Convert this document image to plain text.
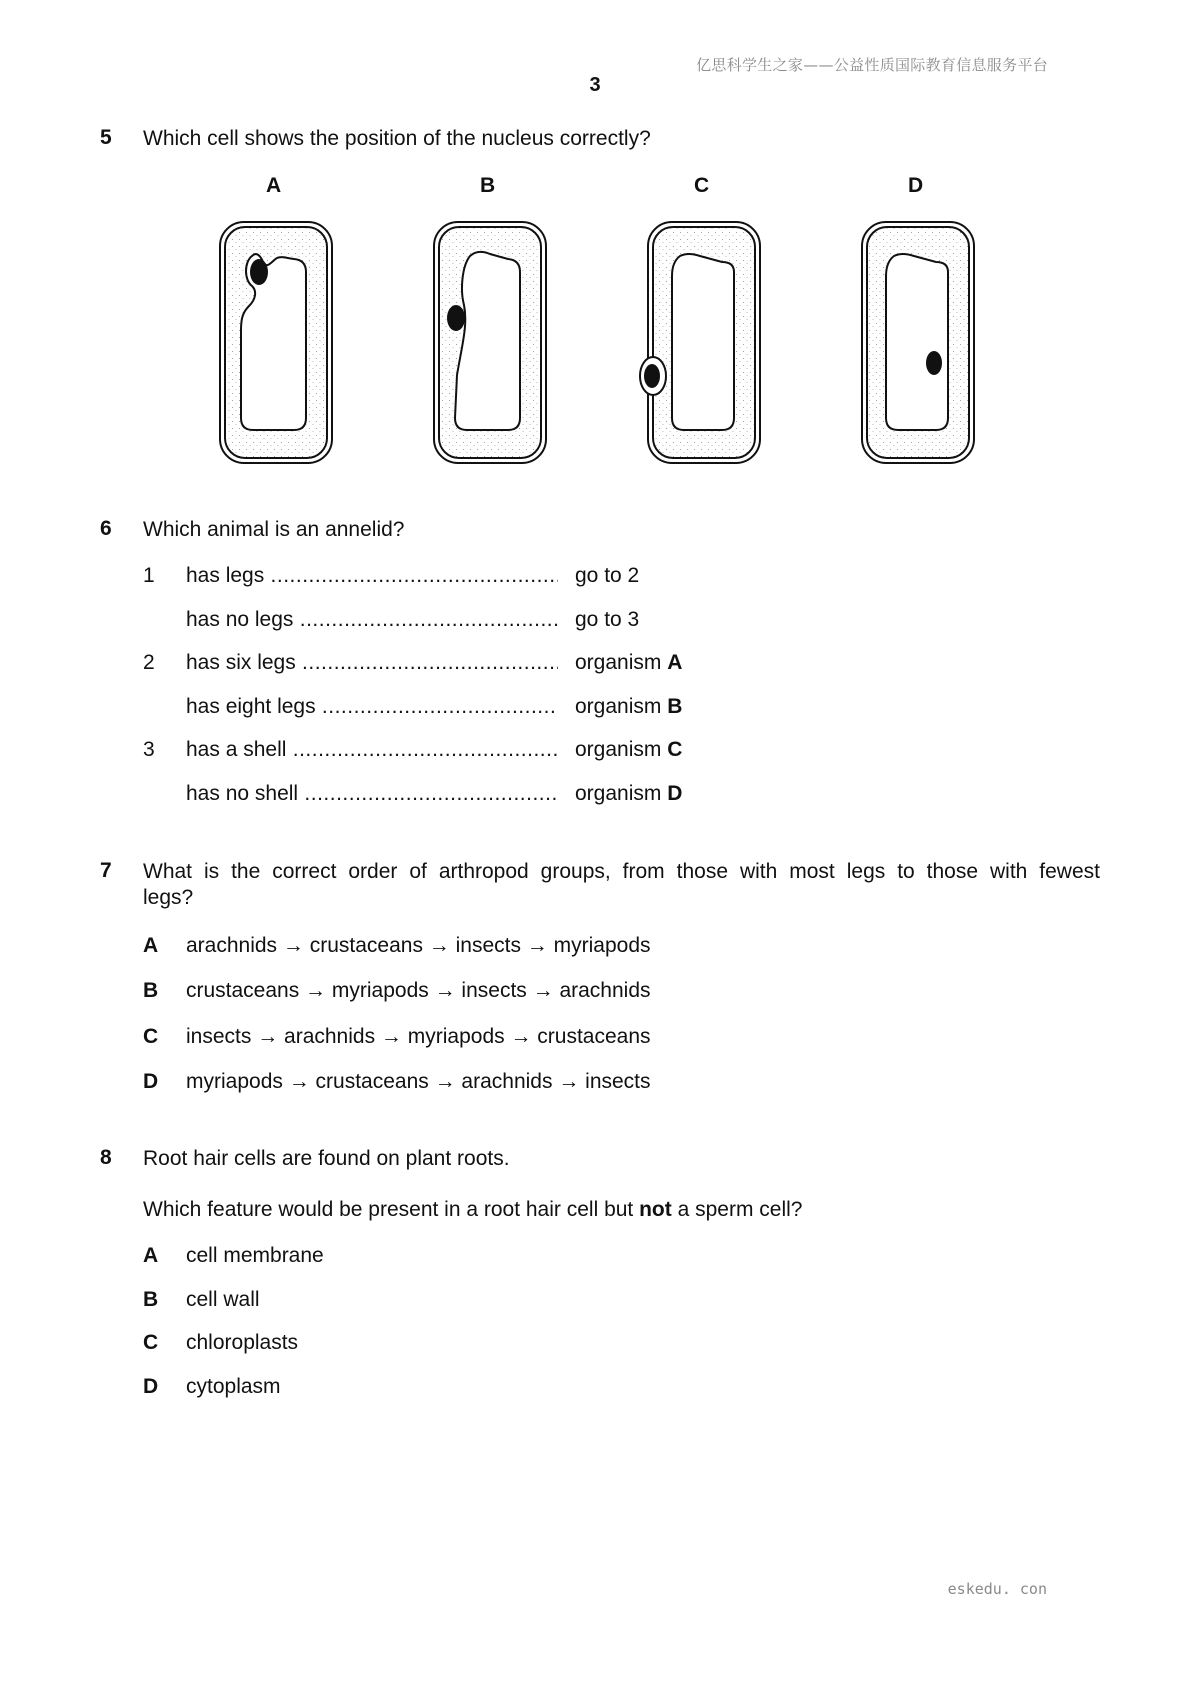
亿思科学生之家——公益性质国际教育信息服务平台
3
5 Which cell shows the position of the nucleus correctly?
A	B	C	D
6 Which animal is an annelid?
1 has legs .....	go to 2
has no legs .....	go to 3
2 has six legs .....	organism A
has eight legs .....	organism B
3 has a shell .....	organism C
has no shell .....	organism D
7 What is the correct order of arthropod groups, from those with most legs to those with fewest
legs?
A arachnids → crustaceans → insects → myriapods
B crustaceans → myriapods → insects → arachnids
C insects → arachnids → myriapods → crustaceans
D myriapods → crustaceans → arachnids → insects
8 Root hair cells are found on plant roots.
Which feature would be present in a root hair cell but not a sperm cell?
A cell membrane
B cell wall
C chloroplasts
D cytoplasm
eskedu. con
